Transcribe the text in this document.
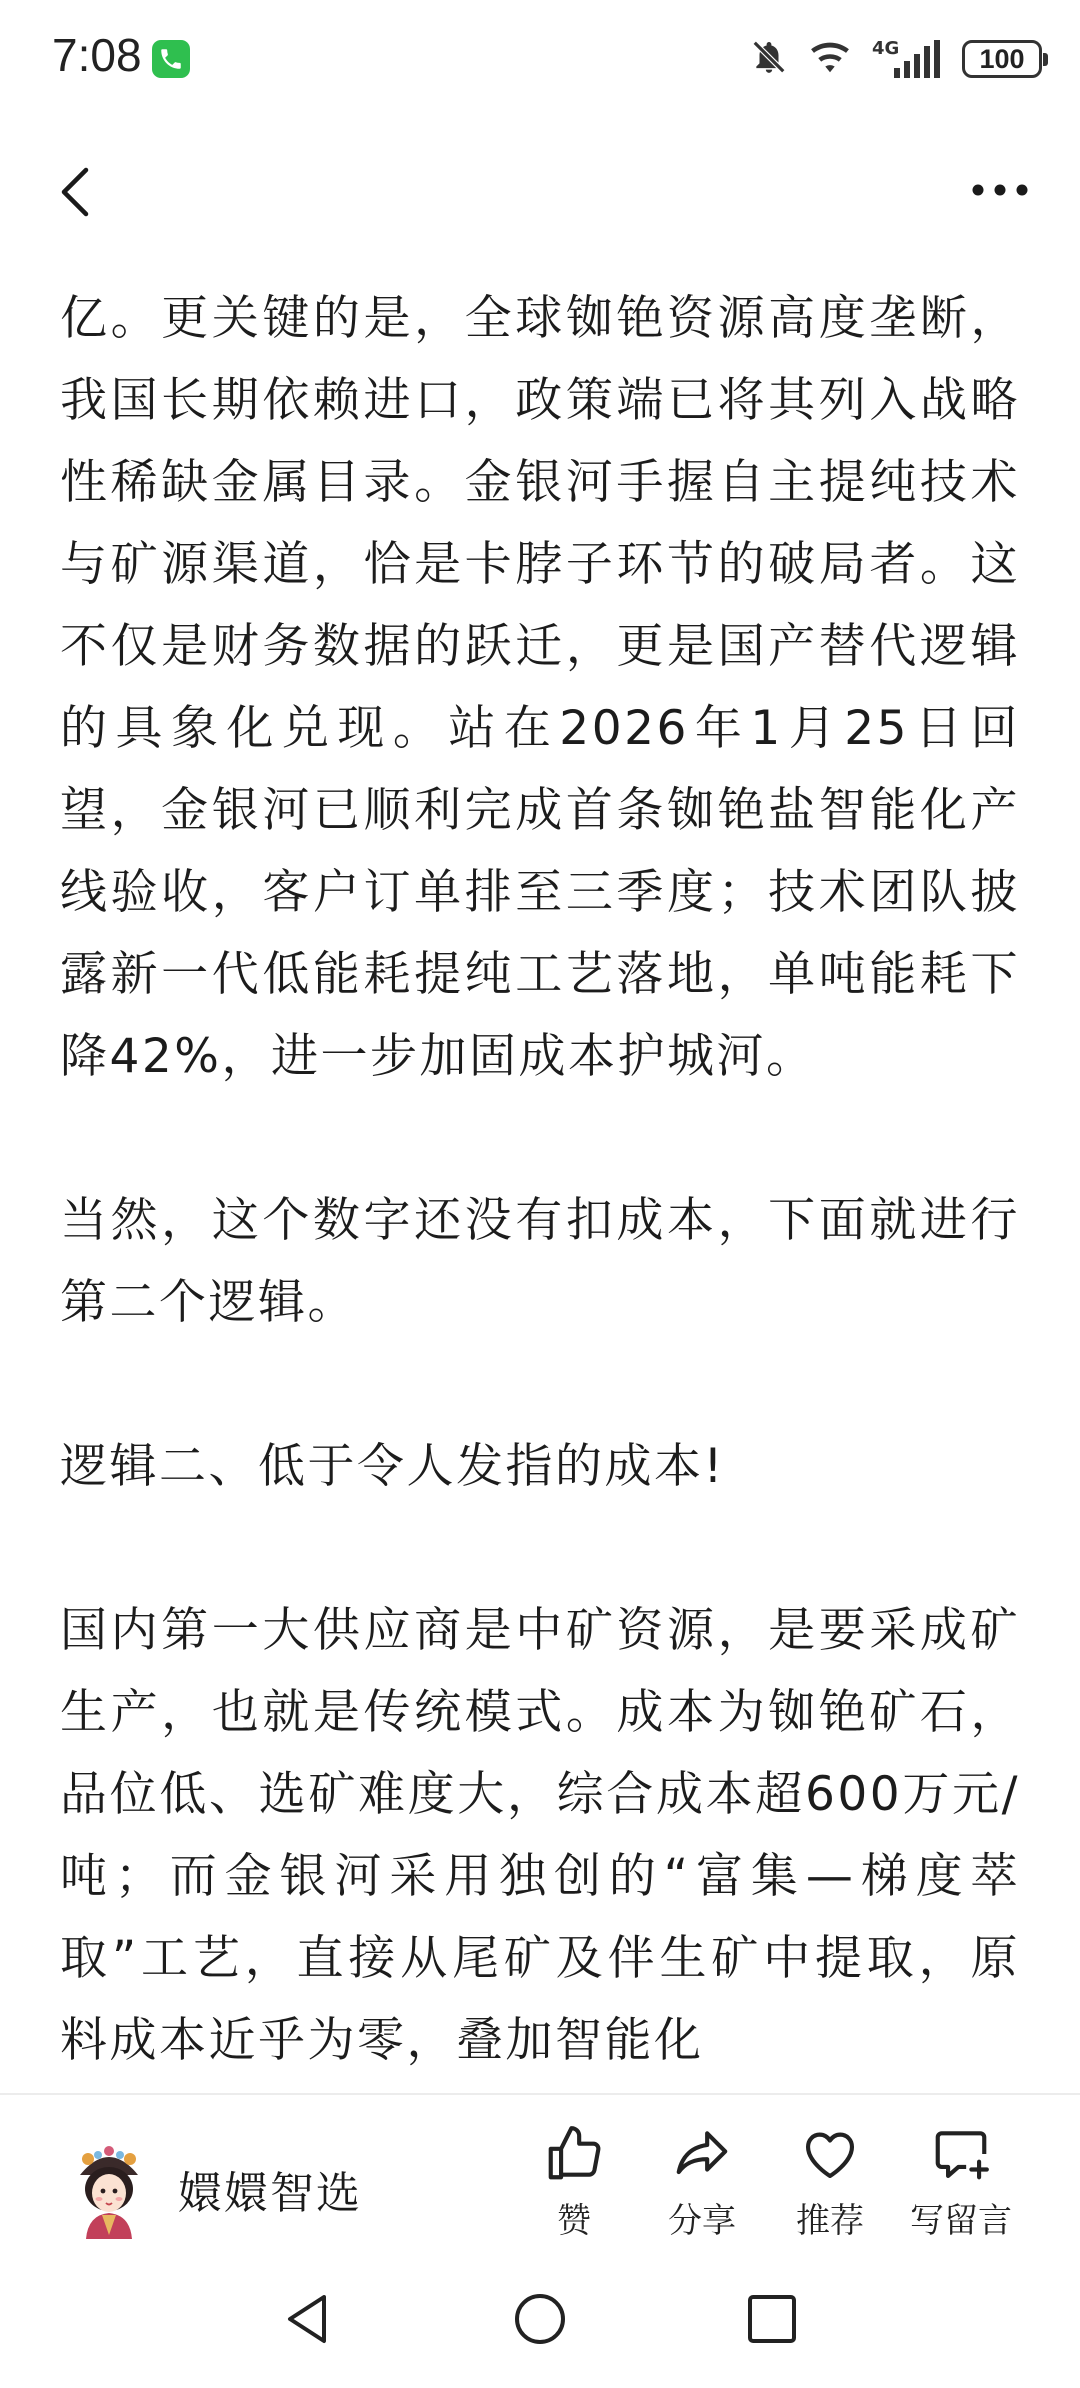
7:08	4G	100

亿。更关键的是，全球铷铯资源高度垄断，我国长期依赖进口，政策端已将其列入战略性稀缺金属目录。金银河手握自主提纯技术与矿源渠道，恰是卡脖子环节的破局者。这不仅是财务数据的跃迁，更是国产替代逻辑的具象化兑现。站在2026年1月25日回望，金银河已顺利完成首条铷铯盐智能化产线验收，客户订单排至三季度；技术团队披露新一代低能耗提纯工艺落地，单吨能耗下降42%，进一步加固成本护城河。

当然，这个数字还没有扣成本，下面就进行第二个逻辑。

逻辑二、低于令人发指的成本!

国内第一大供应商是中矿资源，是要采成矿生产，也就是传统模式。成本为铷铯矿石，品位低、选矿难度大，综合成本超600万元/吨；而金银河采用独创的“富集—梯度萃取”工艺，直接从尾矿及伴生矿中提取，原料成本近乎为零，叠加智能化

嬛嬛智选
赞	分享	推荐	写留言
